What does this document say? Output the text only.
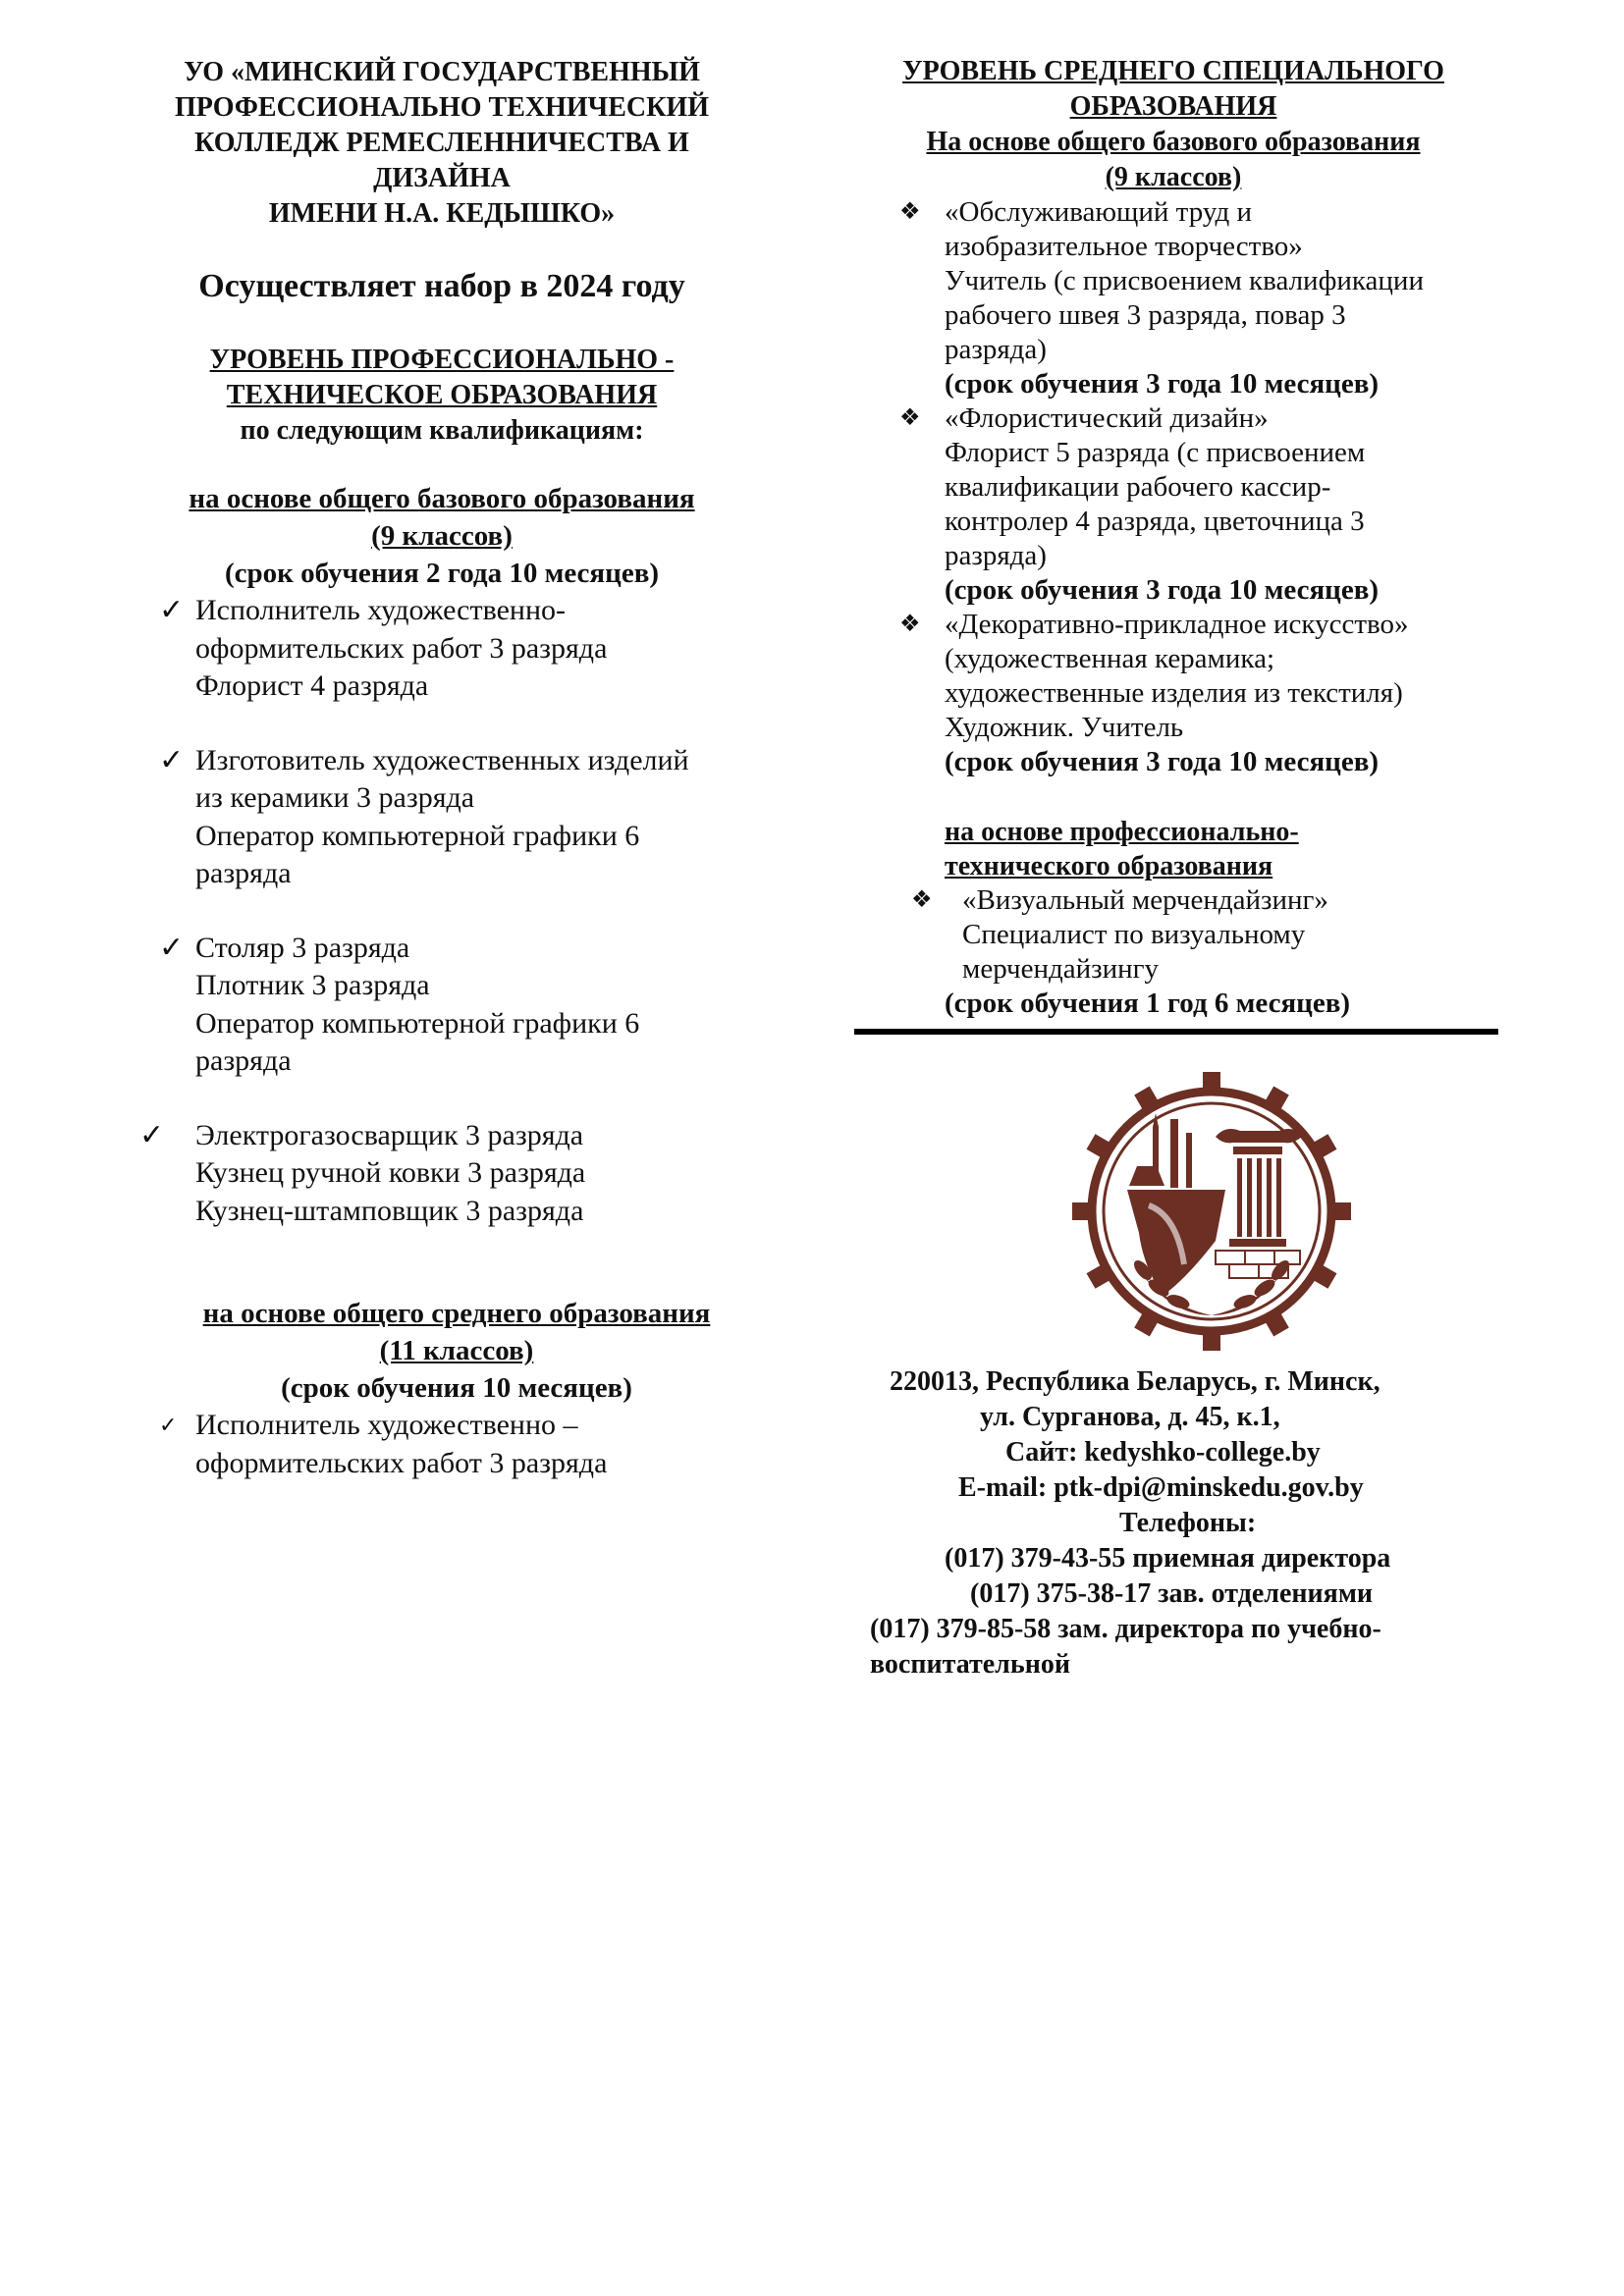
УО «МИНСКИЙ ГОСУДАРСТВЕННЫЙ
ПРОФЕССИОНАЛЬНО ТЕХНИЧЕСКИЙ
КОЛЛЕДЖ РЕМЕСЛЕННИЧЕСТВА И
ДИЗАЙНА
ИМЕНИ Н.А. КЕДЫШКО»
Осуществляет набор в 2024 году
УРОВЕНЬ ПРОФЕССИОНАЛЬНО -
ТЕХНИЧЕСКОЕ ОБРАЗОВАНИЯ
по следующим квалификациям:
на основе общего базового образования
(9 классов)
(срок обучения 2 года 10 месяцев)
✓ Исполнитель художественно-
оформительских работ 3 разряда
Флорист 4 разряда
✓ Изготовитель художественных изделий
из керамики 3 разряда
Оператор компьютерной графики 6
разряда
✓ Столяр 3 разряда
Плотник 3 разряда
Оператор компьютерной графики 6
разряда
✓ Электрогазосварщик 3 разряда
Кузнец ручной ковки 3 разряда
Кузнец-штамповщик 3 разряда
на основе общего среднего образования
(11 классов)
(срок обучения 10 месяцев)
✓ Исполнитель художественно –
оформительских работ 3 разряда
УРОВЕНЬ СРЕДНЕГО СПЕЦИАЛЬНОГО
ОБРАЗОВАНИЯ
На основе общего базового образования
(9 классов)
❖ «Обслуживающий труд и
изобразительное творчество»
Учитель (с присвоением квалификации
рабочего швея 3 разряда, повар 3
разряда)
(срок обучения 3 года 10 месяцев)
❖ «Флористический дизайн»
Флорист 5 разряда (с присвоением
квалификации рабочего кассир-
контролер 4 разряда, цветочница 3
разряда)
(срок обучения 3 года 10 месяцев)
❖ «Декоративно-прикладное искусство»
(художественная керамика;
художественные изделия из текстиля)
Художник. Учитель
(срок обучения 3 года 10 месяцев)
на основе профессионально-
технического образования
❖ «Визуальный мерчендайзинг»
Специалист по визуальному
мерчендайзингу
(срок обучения 1 год 6 месяцев)
220013, Республика Беларусь, г. Минск,
ул. Сурганова, д. 45, к.1,
Сайт: kedyshko-college.by
E-mail: ptk-dpi@minskedu.gov.by
Телефоны:
(017) 379-43-55 приемная директора
(017) 375-38-17 зав. отделениями
(017) 379-85-58 зам. директора по учебно-
воспитательной
